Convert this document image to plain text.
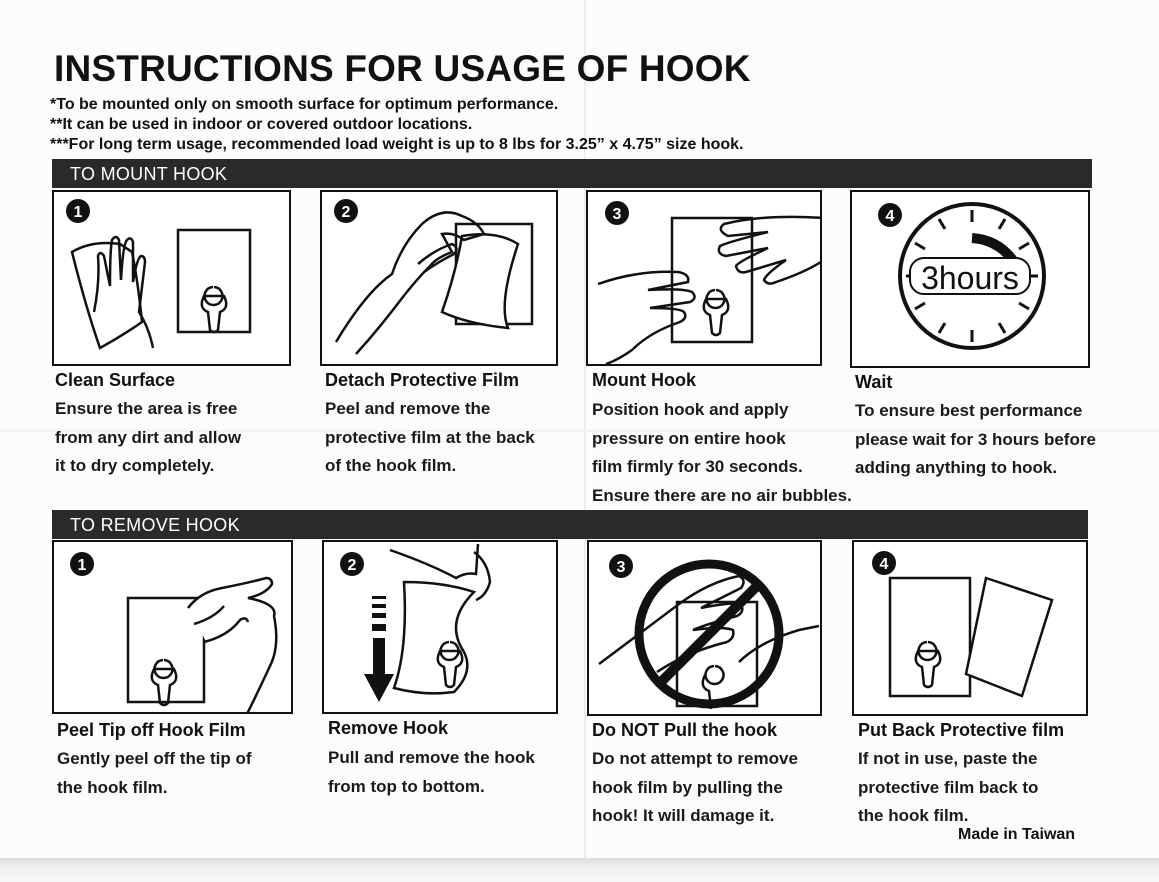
INSTRUCTIONS FOR USAGE OF HOOK

*To be mounted only on smooth surface for optimum performance.

**It can be used in indoor or covered outdoor locations.

***For long term usage, recommended load weight is up to 8 lbs for 3.25” x 4.75” size hook.

TO MOUNT HOOK
1

Clean Surface

Ensure the area is free
from any dirt and allow
it to dry completely.

2

Detach Protective Film

Peel and remove the
protective film at the back
of the hook film.

3

Mount Hook

Position hook and apply
pressure on entire hook
film firmly for 30 seconds.
Ensure there are no air bubbles.

4
3hours

Wait

To ensure best performance
please wait for 3 hours before
adding anything to hook.

TO REMOVE HOOK
1

Peel Tip off Hook Film

Gently peel off the tip of
the hook film.

2

Remove Hook

Pull and remove the hook
from top to bottom.

3

Do NOT Pull the hook

Do not attempt to remove
hook film by pulling the
hook! It will damage it.

4

Put Back Protective film

If not in use, paste the
protective film back to
the hook film.

Made in Taiwan
